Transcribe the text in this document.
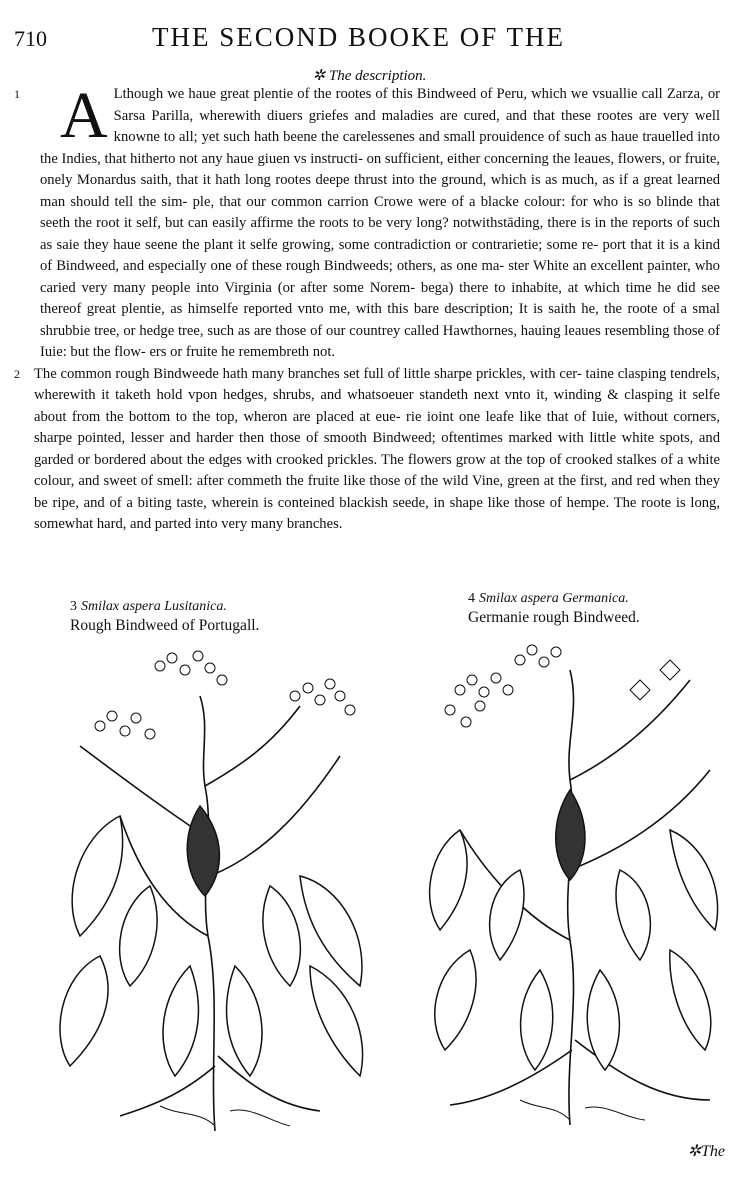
710	THE SECOND BOOKE OF THE
✲ The description.
1 A Lthough we haue great plentie of the rootes of this Bindweed of Peru, which we vsuallie call Zarza, or Sarsa Parilla, wherewith diuers griefes and maladies are cured, and that these rootes are very well knowne to all; yet such hath beene the carelessenes and small prouidence of such as haue trauelled into the Indies, that hitherto not any haue giuen vs instructi- on sufficient, either concerning the leaues, flowers, or fruite, onely Monardus saith, that it hath long rootes deepe thrust into the ground, which is as much, as if a great learned man should tell the sim- ple, that our common carrion Crowe were of a blacke colour: for who is so blinde that seeth the root it self, but can easily affirme the roots to be very long? notwithstāding, there is in the reports of such as saie they haue seene the plant it selfe growing, some contradiction or contrarietie; some re- port that it is a kind of Bindweed, and especially one of these rough Bindweeds; others, as one ma- ster White an excellent painter, who caried very many people into Virginia (or after some Norem- bega) there to inhabite, at which time he did see thereof great plentie, as himselfe reported vnto me, with this bare description; It is saith he, the roote of a smal shrubbie tree, or hedge tree, such as are those of our countrey called Hawthornes, hauing leaues resembling those of Iuie: but the flow- ers or fruite he remembreth not.
2 The common rough Bindweede hath many branches set full of little sharpe prickles, with cer- taine clasping tendrels, wherewith it taketh hold vpon hedges, shrubs, and whatsoeuer standeth next vnto it, winding & clasping it selfe about from the bottom to the top, wheron are placed at eue- rie ioint one leafe like that of Iuie, without corners, sharpe pointed, lesser and harder then those of smooth Bindweed; oftentimes marked with little white spots, and garded or bordered about the edges with crooked prickles. The flowers grow at the top of crooked stalkes of a white colour, and sweet of smell: after commeth the fruite like those of the wild Vine, green at the first, and red when they be ripe, and of a biting taste, wherein is conteined blackish seede, in shape like those of hempe. The roote is long, somewhat hard, and parted into very many branches.
3 Smilax aspera Lusitanica.
Rough Bindweed of Portugall.
4 Smilax aspera Germanica.
Germanie rough Bindweed.
✲The
